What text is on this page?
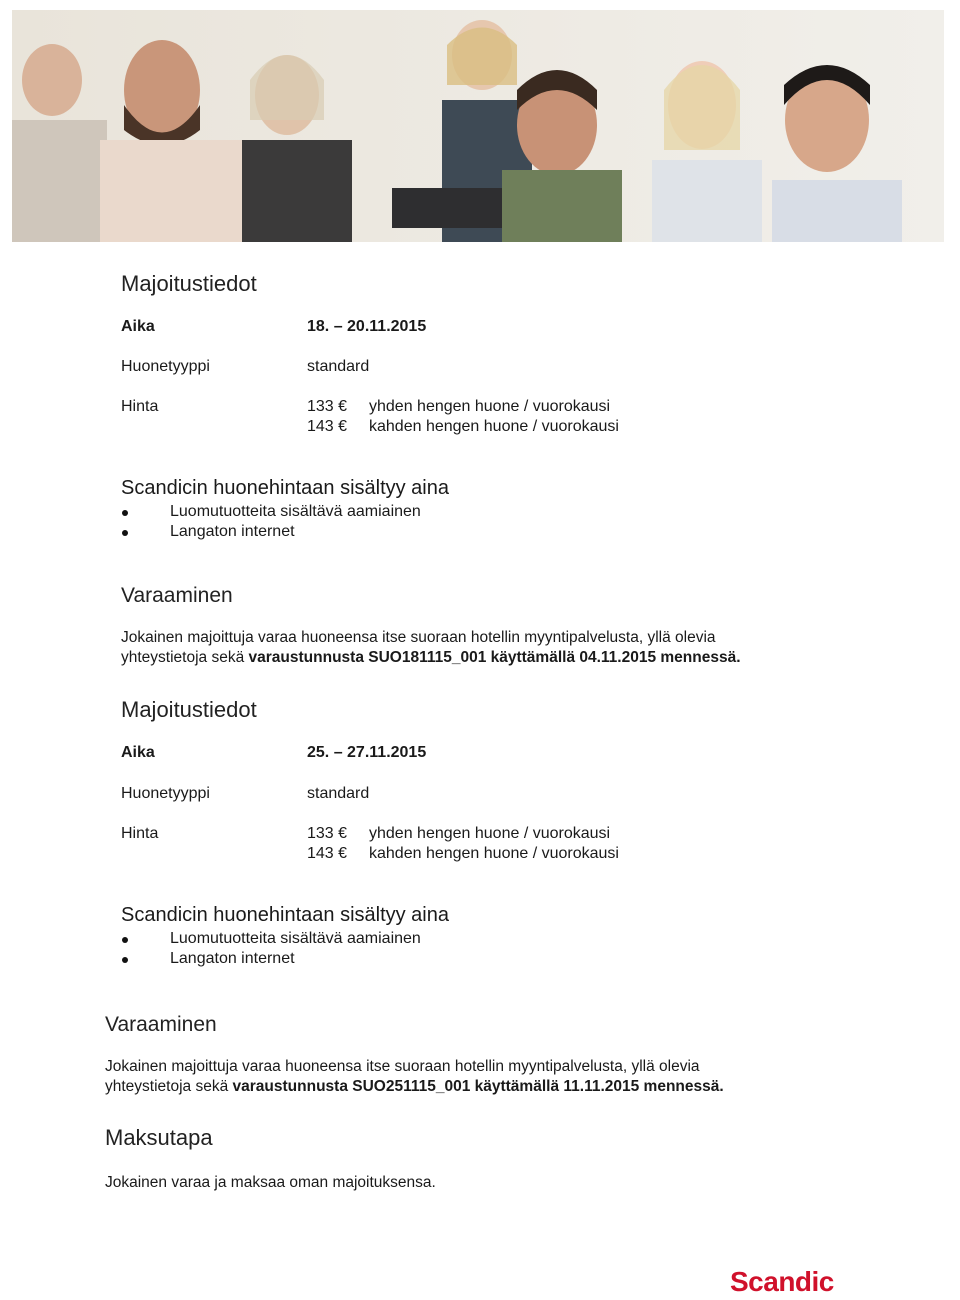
Majoitustiedot
Aika	18. – 20.11.2015
Huonetyyppi	standard
Hinta	133 € yhden hengen huone / vuorokausi
143 € kahden hengen huone / vuorokausi
Scandicin huonehintaan sisältyy aina
Luomutuotteita sisältävä aamiainen
Langaton internet
Varaaminen
Jokainen majoittuja varaa huoneensa itse suoraan hotellin myyntipalvelusta, yllä olevia
yhteystietoja sekä varaustunnusta SUO181115_001 käyttämällä 04.11.2015 mennessä.
Majoitustiedot
Aika	25. – 27.11.2015
Huonetyyppi	standard
Hinta	133 € yhden hengen huone / vuorokausi
143 € kahden hengen huone / vuorokausi
Scandicin huonehintaan sisältyy aina
Luomutuotteita sisältävä aamiainen
Langaton internet
Varaaminen
Jokainen majoittuja varaa huoneensa itse suoraan hotellin myyntipalvelusta, yllä olevia
yhteystietoja sekä varaustunnusta SUO251115_001 käyttämällä 11.11.2015 mennessä.
Maksutapa
Jokainen varaa ja maksaa oman majoituksensa.
Scandic
